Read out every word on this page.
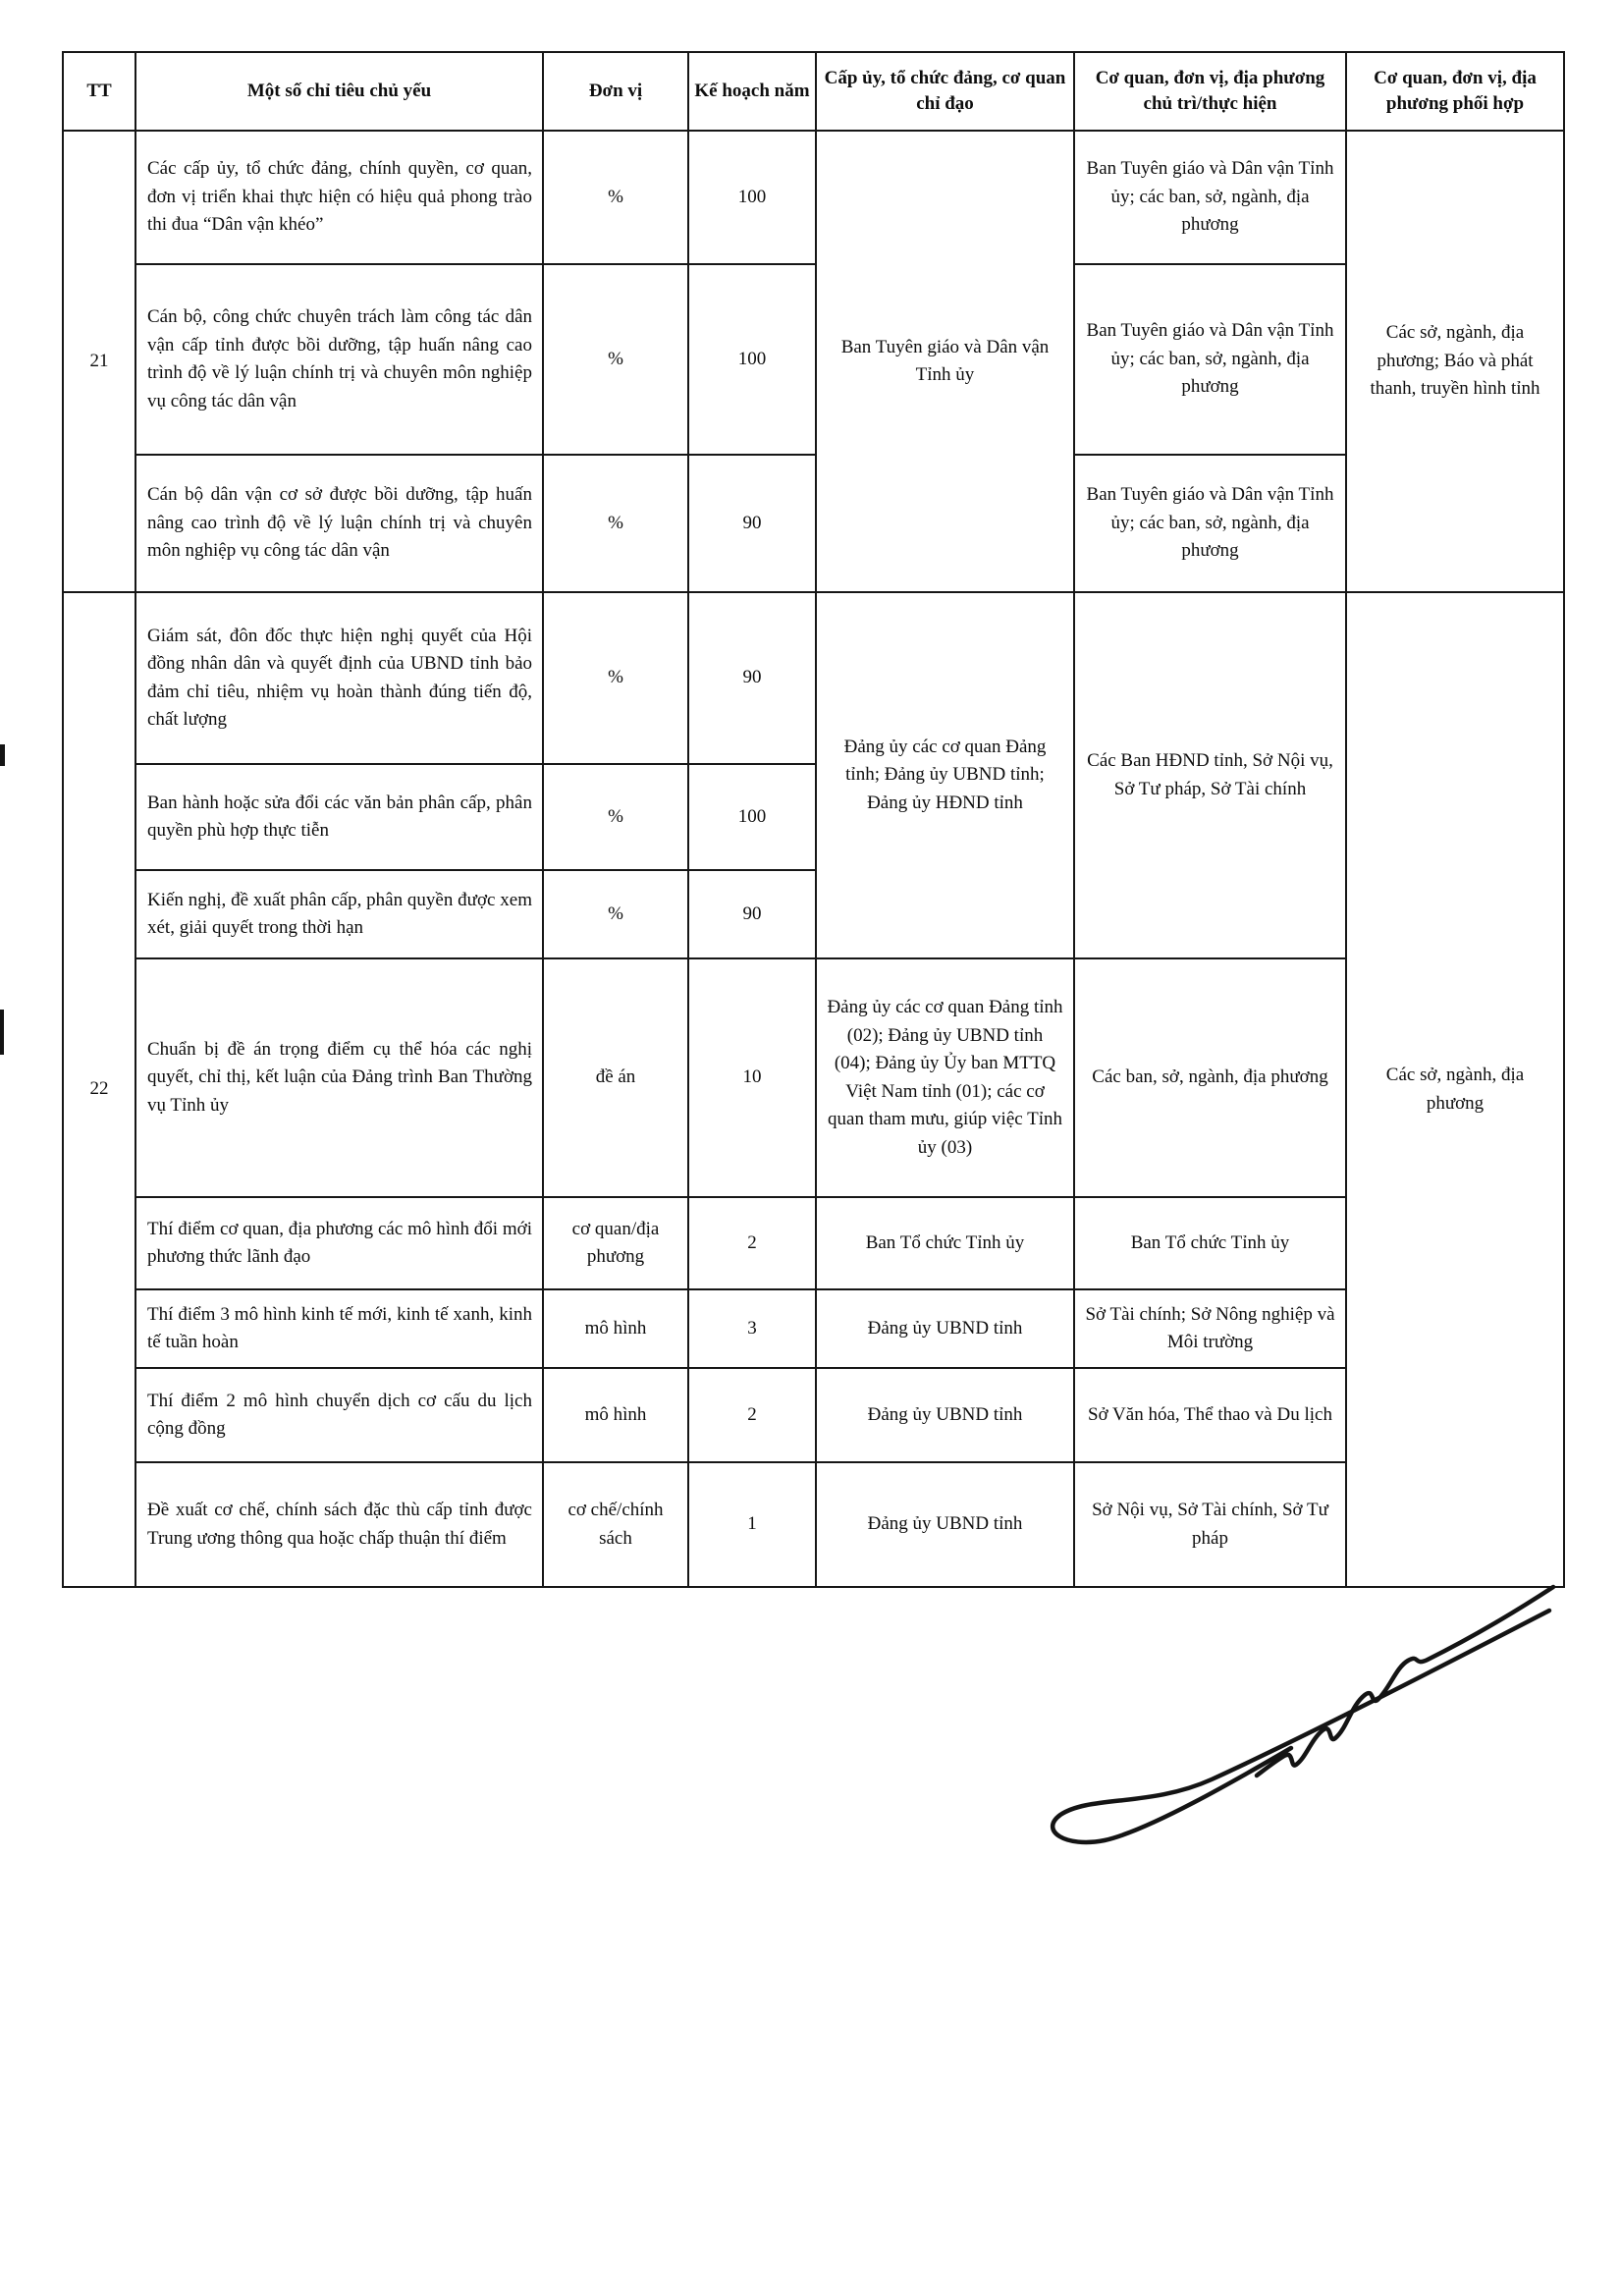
TT	Một số chỉ tiêu chủ yếu	Đơn vị	Kế hoạch năm	Cấp ủy, tổ chức đảng, cơ quan chỉ đạo	Cơ quan, đơn vị, địa phương chủ trì/thực hiện	Cơ quan, đơn vị, địa phương phối hợp
21	Các cấp ủy, tổ chức đảng, chính quyền, cơ quan, đơn vị triển khai thực hiện có hiệu quả phong trào thi đua “Dân vận khéo”	%	100	Ban Tuyên giáo và Dân vận Tỉnh ủy	Ban Tuyên giáo và Dân vận Tỉnh ủy; các ban, sở, ngành, địa phương	Các sở, ngành, địa phương; Báo và phát thanh, truyền hình tỉnh
	Cán bộ, công chức chuyên trách làm công tác dân vận cấp tỉnh được bồi dưỡng, tập huấn nâng cao trình độ về lý luận chính trị và chuyên môn nghiệp vụ công tác dân vận	%	100		Ban Tuyên giáo và Dân vận Tỉnh ủy; các ban, sở, ngành, địa phương	
	Cán bộ dân vận cơ sở được bồi dưỡng, tập huấn nâng cao trình độ về lý luận chính trị và chuyên môn nghiệp vụ công tác dân vận	%	90		Ban Tuyên giáo và Dân vận Tỉnh ủy; các ban, sở, ngành, địa phương	
22	Giám sát, đôn đốc thực hiện nghị quyết của Hội đồng nhân dân và quyết định của UBND tỉnh bảo đảm chỉ tiêu, nhiệm vụ hoàn thành đúng tiến độ, chất lượng	%	90	Đảng ủy các cơ quan Đảng tỉnh; Đảng ủy UBND tỉnh; Đảng ủy HĐND tỉnh	Các Ban HĐND tỉnh, Sở Nội vụ, Sở Tư pháp, Sở Tài chính	Các sở, ngành, địa phương
	Ban hành hoặc sửa đổi các văn bản phân cấp, phân quyền phù hợp thực tiễn	%	100			
	Kiến nghị, đề xuất phân cấp, phân quyền được xem xét, giải quyết trong thời hạn	%	90			
	Chuẩn bị đề án trọng điểm cụ thể hóa các nghị quyết, chỉ thị, kết luận của Đảng trình Ban Thường vụ Tỉnh ủy	đề án	10	Đảng ủy các cơ quan Đảng tỉnh (02); Đảng ủy UBND tỉnh (04); Đảng ủy Ủy ban MTTQ Việt Nam tỉnh (01); các cơ quan tham mưu, giúp việc Tỉnh ủy (03)	Các ban, sở, ngành, địa phương	
	Thí điểm cơ quan, địa phương các mô hình đổi mới phương thức lãnh đạo	cơ quan/địa phương	2	Ban Tổ chức Tỉnh ủy	Ban Tổ chức Tỉnh ủy	
	Thí điểm 3 mô hình kinh tế mới, kinh tế xanh, kinh tế tuần hoàn	mô hình	3	Đảng ủy UBND tỉnh	Sở Tài chính; Sở Nông nghiệp và Môi trường	
	Thí điểm 2 mô hình chuyển dịch cơ cấu du lịch cộng đồng	mô hình	2	Đảng ủy UBND tỉnh	Sở Văn hóa, Thể thao và Du lịch	
	Đề xuất cơ chế, chính sách đặc thù cấp tỉnh được Trung ương thông qua hoặc chấp thuận thí điểm	cơ chế/chính sách	1	Đảng ủy UBND tỉnh	Sở Nội vụ, Sở Tài chính, Sở Tư pháp	
